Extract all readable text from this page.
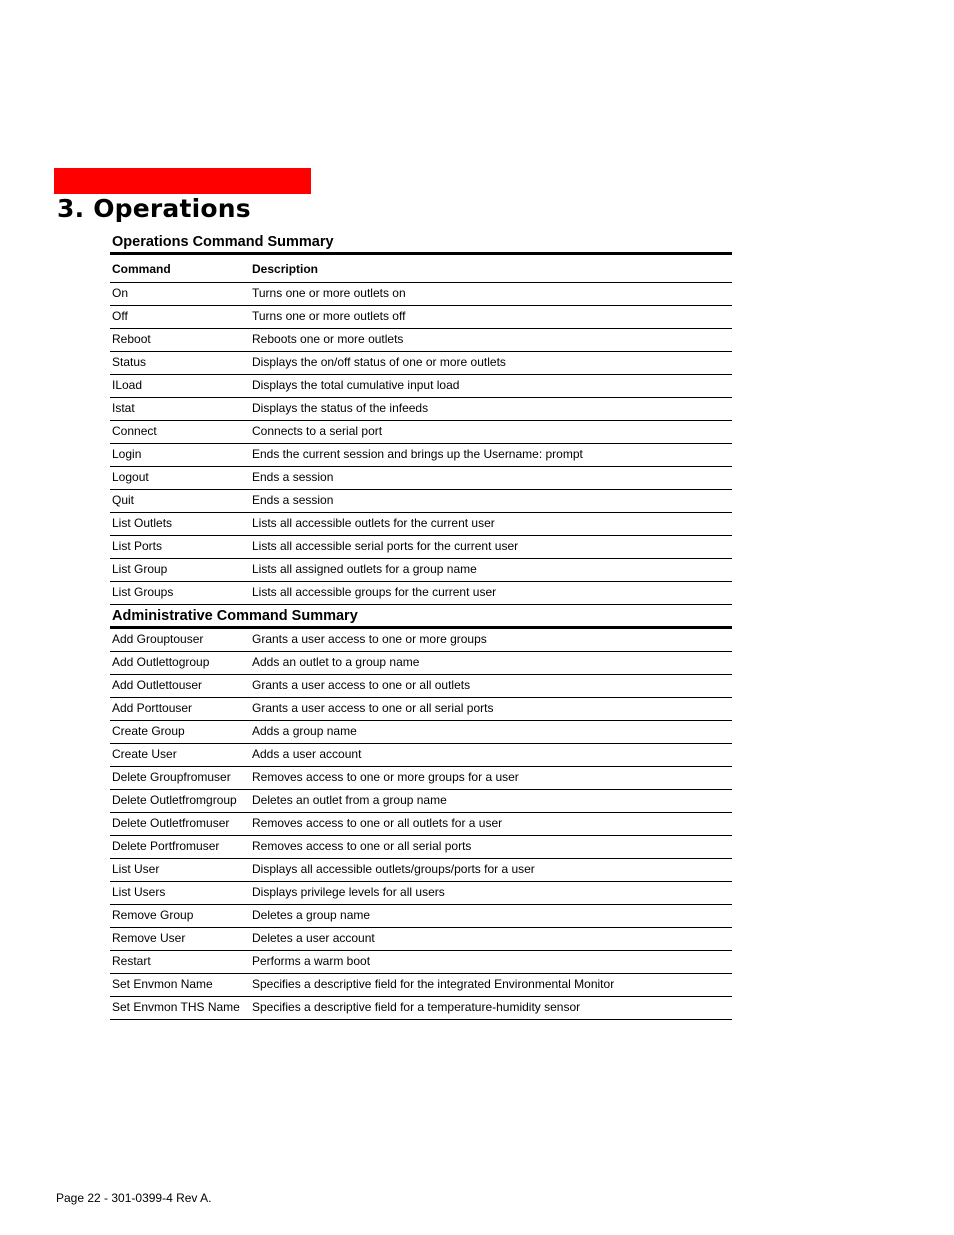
3. Operations
Operations Command Summary
Command	Description
On	Turns one or more outlets on
Off	Turns one or more outlets off
Reboot	Reboots one or more outlets
Status	Displays the on/off status of one or more outlets
ILoad	Displays the total cumulative input load
Istat	Displays the status of the infeeds
Connect	Connects to a serial port
Login	Ends the current session and brings up the Username: prompt
Logout	Ends a session
Quit	Ends a session
List Outlets	Lists all accessible outlets for the current user
List Ports	Lists all accessible serial ports for the current user
List Group	Lists all assigned outlets for a group name
List Groups	Lists all accessible groups for the current user
Administrative Command Summary
Add Grouptouser	Grants a user access to one or more groups
Add Outlettogroup	Adds an outlet to a group name
Add Outlettouser	Grants a user access to one or all outlets
Add Porttouser	Grants a user access to one or all serial ports
Create Group	Adds a group name
Create User	Adds a user account
Delete Groupfromuser	Removes access to one or more groups for a user
Delete Outletfromgroup	Deletes an outlet from a group name
Delete Outletfromuser	Removes access to one or all outlets for a user
Delete Portfromuser	Removes access to one or all serial ports
List User	Displays all accessible outlets/groups/ports for a user
List Users	Displays privilege levels for all users
Remove Group	Deletes a group name
Remove User	Deletes a user account
Restart	Performs a warm boot
Set Envmon Name	Specifies a descriptive field for the integrated Environmental Monitor
Set Envmon THS Name	Specifies a descriptive field for a temperature-humidity sensor
Page 22 - 301-0399-4 Rev A.
